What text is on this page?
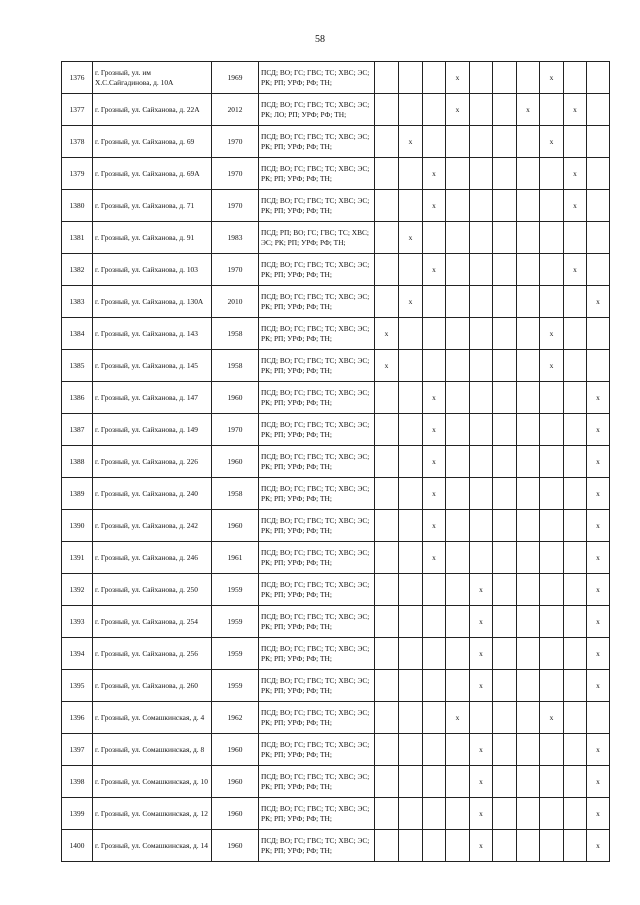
58
1376	г. Грозный, ул. им Х.С.Сайгадинова, д. 10А	1969	ПСД; ВО; ГС; ГВС; ТС; ХВС; ЭС; РК; РП; УРФ; РФ; ТН;				x				x		
1377	г. Грозный, ул. Сайханова, д. 22А	2012	ПСД; ВО; ГС; ГВС; ТС; ХВС; ЭС; РК; ЛО; РП; УРФ; РФ; ТН;				x			x		x	
1378	г. Грозный, ул. Сайханова, д. 69	1970	ПСД; ВО; ГС; ГВС; ТС; ХВС; ЭС; РК; РП; УРФ; РФ; ТН;		x						x		
1379	г. Грозный, ул. Сайханова, д. 69А	1970	ПСД; ВО; ГС; ГВС; ТС; ХВС; ЭС; РК; РП; УРФ; РФ; ТН;			x						x	
1380	г. Грозный, ул. Сайханова, д. 71	1970	ПСД; ВО; ГС; ГВС; ТС; ХВС; ЭС; РК; РП; УРФ; РФ; ТН;			x						x	
1381	г. Грозный, ул. Сайханова, д. 91	1983	ПСД; РП; ВО; ГС; ГВС; ТС; ХВС; ЭС; РК; РП; УРФ; РФ; ТН;		x								
1382	г. Грозный, ул. Сайханова, д. 103	1970	ПСД; ВО; ГС; ГВС; ТС; ХВС; ЭС; РК; РП; УРФ; РФ; ТН;			x						x	
1383	г. Грозный, ул. Сайханова, д. 130А	2010	ПСД; ВО; ГС; ГВС; ТС; ХВС; ЭС; РК; РП; УРФ; РФ; ТН;		x								x
1384	г. Грозный, ул. Сайханова, д. 143	1958	ПСД; ВО; ГС; ГВС; ТС; ХВС; ЭС; РК; РП; УРФ; РФ; ТН;	x							x		
1385	г. Грозный, ул. Сайханова, д. 145	1958	ПСД; ВО; ГС; ГВС; ТС; ХВС; ЭС; РК; РП; УРФ; РФ; ТН;	x							x		
1386	г. Грозный, ул. Сайханова, д. 147	1960	ПСД; ВО; ГС; ГВС; ТС; ХВС; ЭС; РК; РП; УРФ; РФ; ТН;			x							x
1387	г. Грозный, ул. Сайханова, д. 149	1970	ПСД; ВО; ГС; ГВС; ТС; ХВС; ЭС; РК; РП; УРФ; РФ; ТН;			x							x
1388	г. Грозный, ул. Сайханова, д. 226	1960	ПСД; ВО; ГС; ГВС; ТС; ХВС; ЭС; РК; РП; УРФ; РФ; ТН;			x							x
1389	г. Грозный, ул. Сайханова, д. 240	1958	ПСД; ВО; ГС; ГВС; ТС; ХВС; ЭС; РК; РП; УРФ; РФ; ТН;			x							x
1390	г. Грозный, ул. Сайханова, д. 242	1960	ПСД; ВО; ГС; ГВС; ТС; ХВС; ЭС; РК; РП; УРФ; РФ; ТН;			x							x
1391	г. Грозный, ул. Сайханова, д. 246	1961	ПСД; ВО; ГС; ГВС; ТС; ХВС; ЭС; РК; РП; УРФ; РФ; ТН;			x							x
1392	г. Грозный, ул. Сайханова, д. 250	1959	ПСД; ВО; ГС; ГВС; ТС; ХВС; ЭС; РК; РП; УРФ; РФ; ТН;					x					x
1393	г. Грозный, ул. Сайханова, д. 254	1959	ПСД; ВО; ГС; ГВС; ТС; ХВС; ЭС; РК; РП; УРФ; РФ; ТН;					x					x
1394	г. Грозный, ул. Сайханова, д. 256	1959	ПСД; ВО; ГС; ГВС; ТС; ХВС; ЭС; РК; РП; УРФ; РФ; ТН;					x					x
1395	г. Грозный, ул. Сайханова, д. 260	1959	ПСД; ВО; ГС; ГВС; ТС; ХВС; ЭС; РК; РП; УРФ; РФ; ТН;					x					x
1396	г. Грозный, ул. Сомашкинская, д. 4	1962	ПСД; ВО; ГС; ГВС; ТС; ХВС; ЭС; РК; РП; УРФ; РФ; ТН;				x				x		
1397	г. Грозный, ул. Сомашкинская, д. 8	1960	ПСД; ВО; ГС; ГВС; ТС; ХВС; ЭС; РК; РП; УРФ; РФ; ТН;					x					x
1398	г. Грозный, ул. Сомашкинская, д. 10	1960	ПСД; ВО; ГС; ГВС; ТС; ХВС; ЭС; РК; РП; УРФ; РФ; ТН;					x					x
1399	г. Грозный, ул. Сомашкинская, д. 12	1960	ПСД; ВО; ГС; ГВС; ТС; ХВС; ЭС; РК; РП; УРФ; РФ; ТН;					x					x
1400	г. Грозный, ул. Сомашкинская, д. 14	1960	ПСД; ВО; ГС; ГВС; ТС; ХВС; ЭС; РК; РП; УРФ; РФ; ТН;					x					x
